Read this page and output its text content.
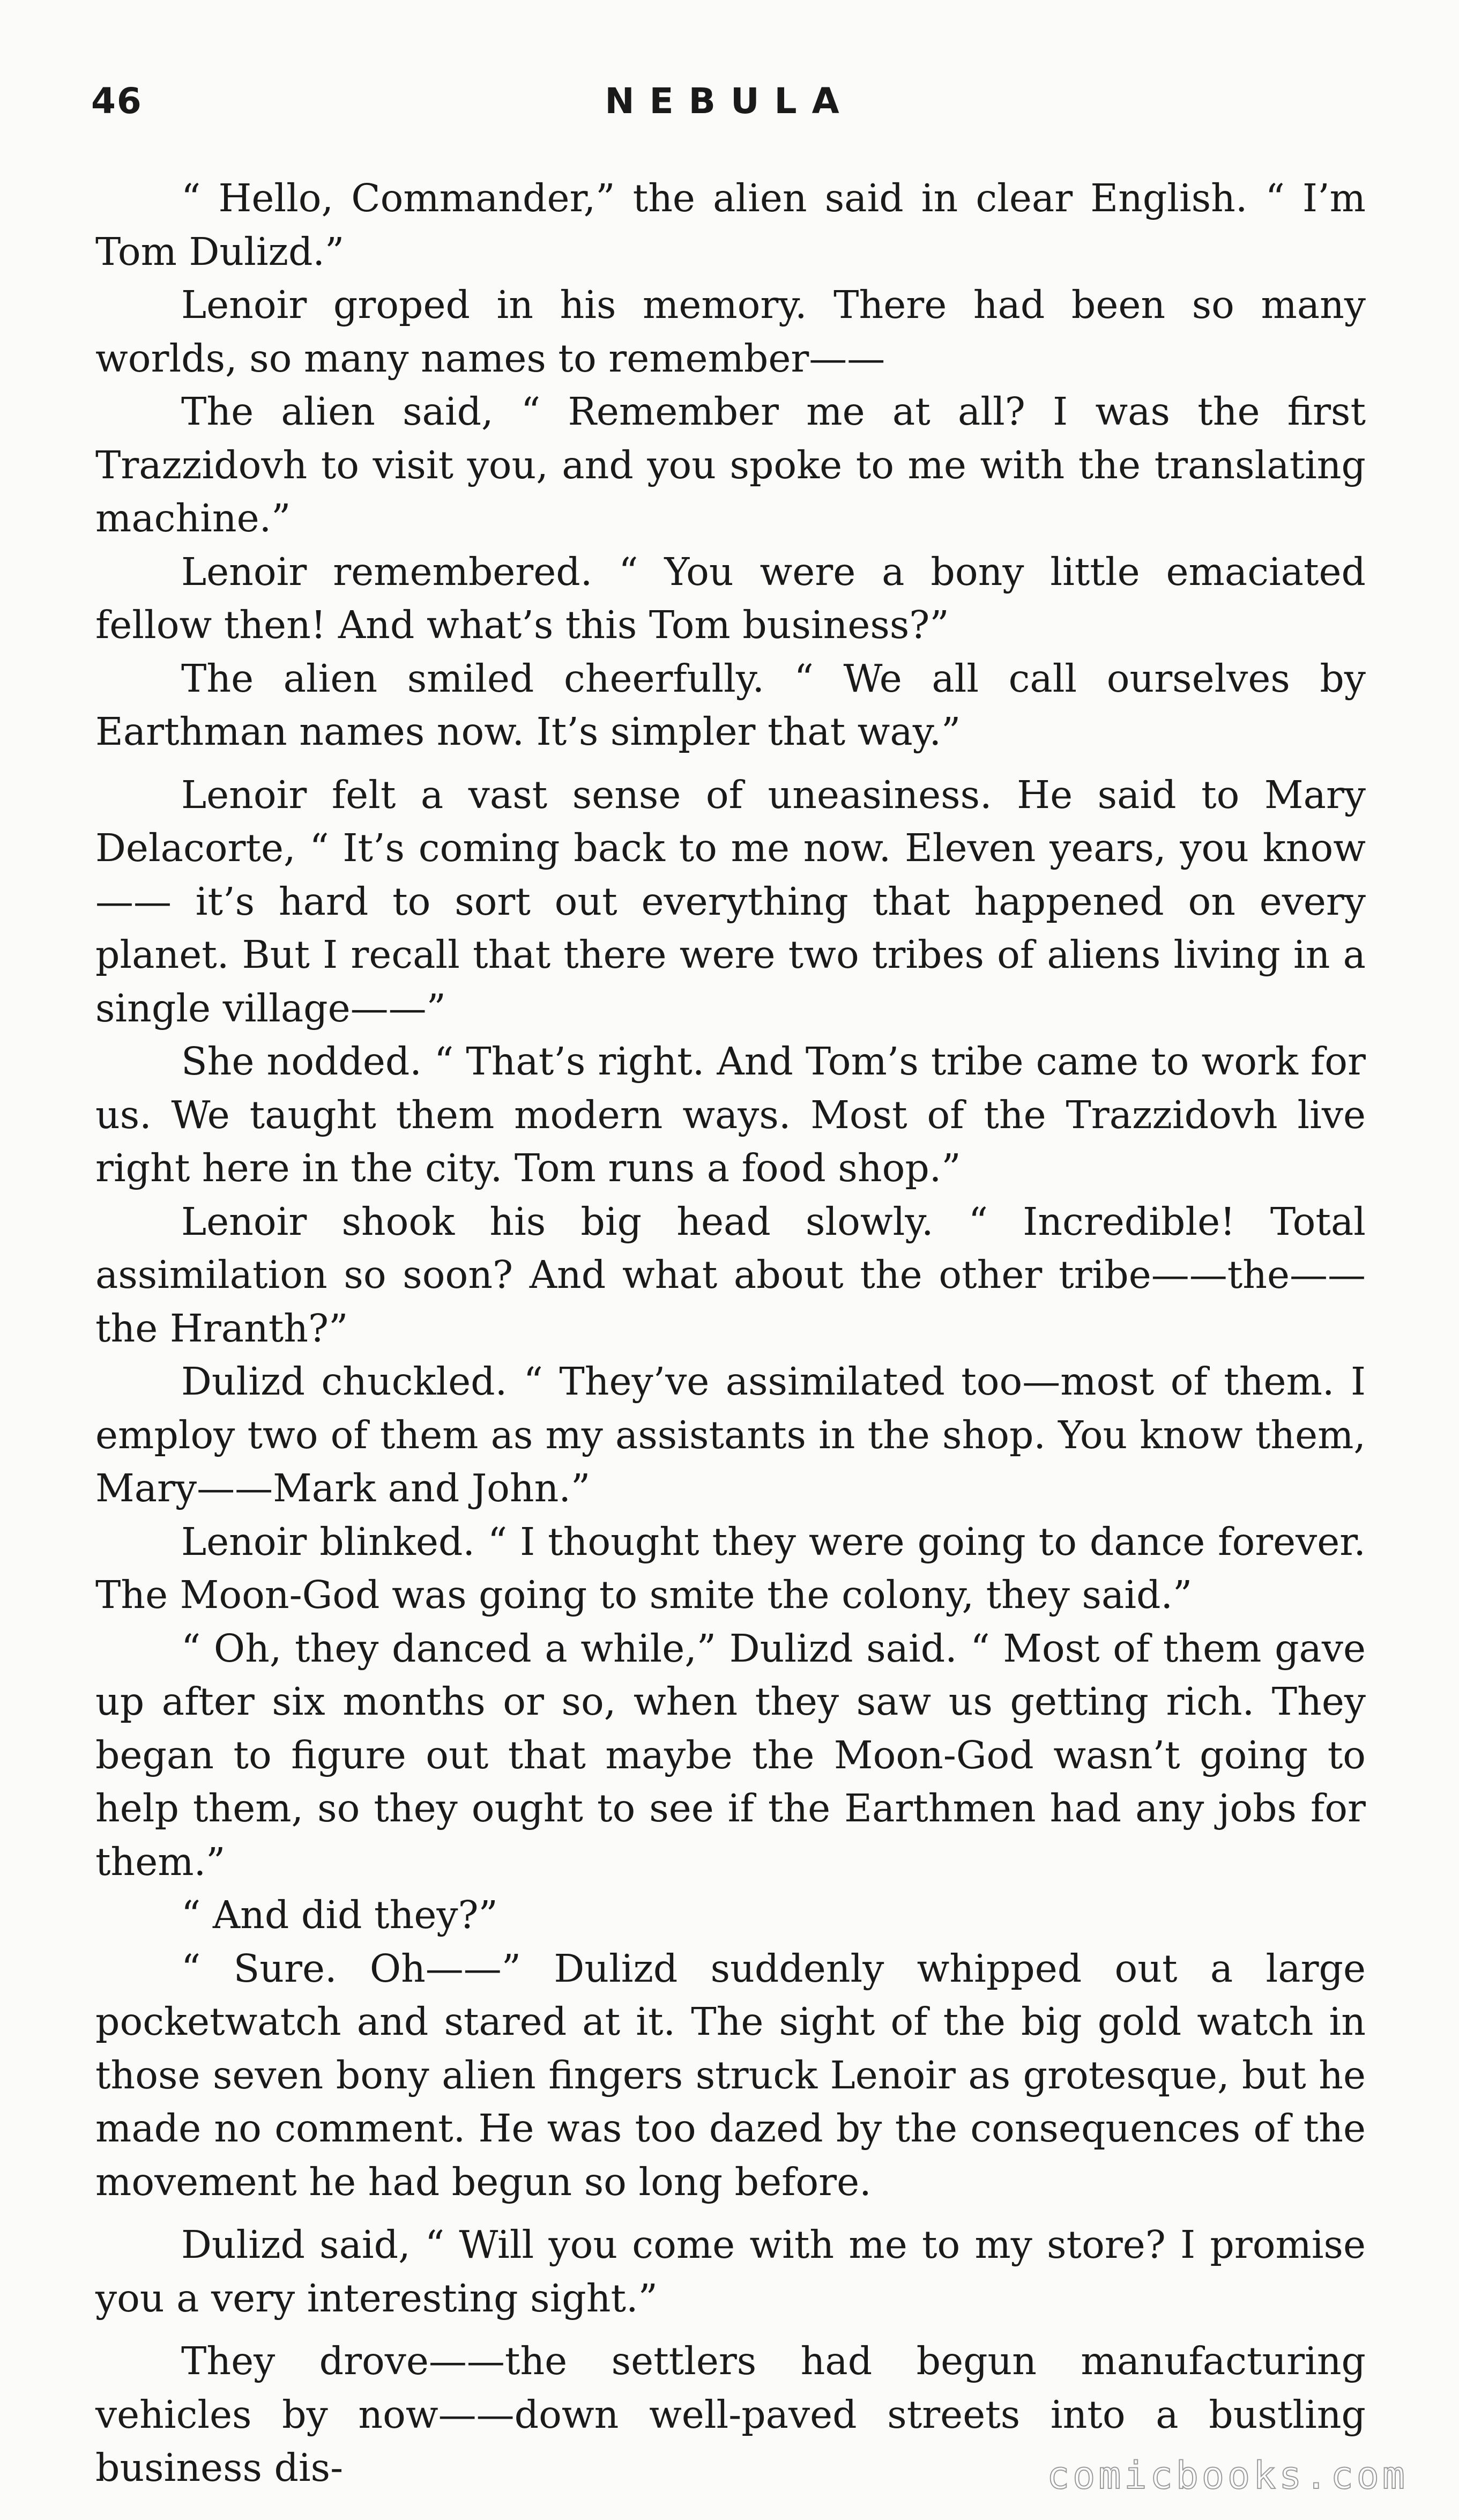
46	NEBULA

“ Hello, Commander,” the alien said in clear English. “ I’m Tom Dulizd.”

Lenoir groped in his memory. There had been so many worlds, so many names to remember——

The alien said, “ Remember me at all? I was the first Trazzidovh to visit you, and you spoke to me with the translating machine.”

Lenoir remembered. “ You were a bony little emaciated fellow then! And what’s this Tom business?”

The alien smiled cheerfully. “ We all call ourselves by Earthman names now. It’s simpler that way.”

Lenoir felt a vast sense of uneasiness. He said to Mary Delacorte, “ It’s coming back to me now. Eleven years, you know—— it’s hard to sort out everything that happened on every planet. But I recall that there were two tribes of aliens living in a single village——”

She nodded. “ That’s right. And Tom’s tribe came to work for us. We taught them modern ways. Most of the Trazzidovh live right here in the city. Tom runs a food shop.”

Lenoir shook his big head slowly. “ Incredible! Total assimilation so soon? And what about the other tribe——the——the Hranth?”

Dulizd chuckled. “ They’ve assimilated too—most of them. I employ two of them as my assistants in the shop. You know them, Mary——Mark and John.”

Lenoir blinked. “ I thought they were going to dance forever. The Moon-God was going to smite the colony, they said.”

“ Oh, they danced a while,” Dulizd said. “ Most of them gave up after six months or so, when they saw us getting rich. They began to figure out that maybe the Moon-God wasn’t going to help them, so they ought to see if the Earthmen had any jobs for them.”

“ And did they?”

“ Sure. Oh——” Dulizd suddenly whipped out a large pocketwatch and stared at it. The sight of the big gold watch in those seven bony alien fingers struck Lenoir as grotesque, but he made no comment. He was too dazed by the consequences of the movement he had begun so long before.

Dulizd said, “ Will you come with me to my store? I promise you a very interesting sight.”

They drove——the settlers had begun manufacturing vehicles by now——down well-paved streets into a bustling business dis-	comicbooks.com
